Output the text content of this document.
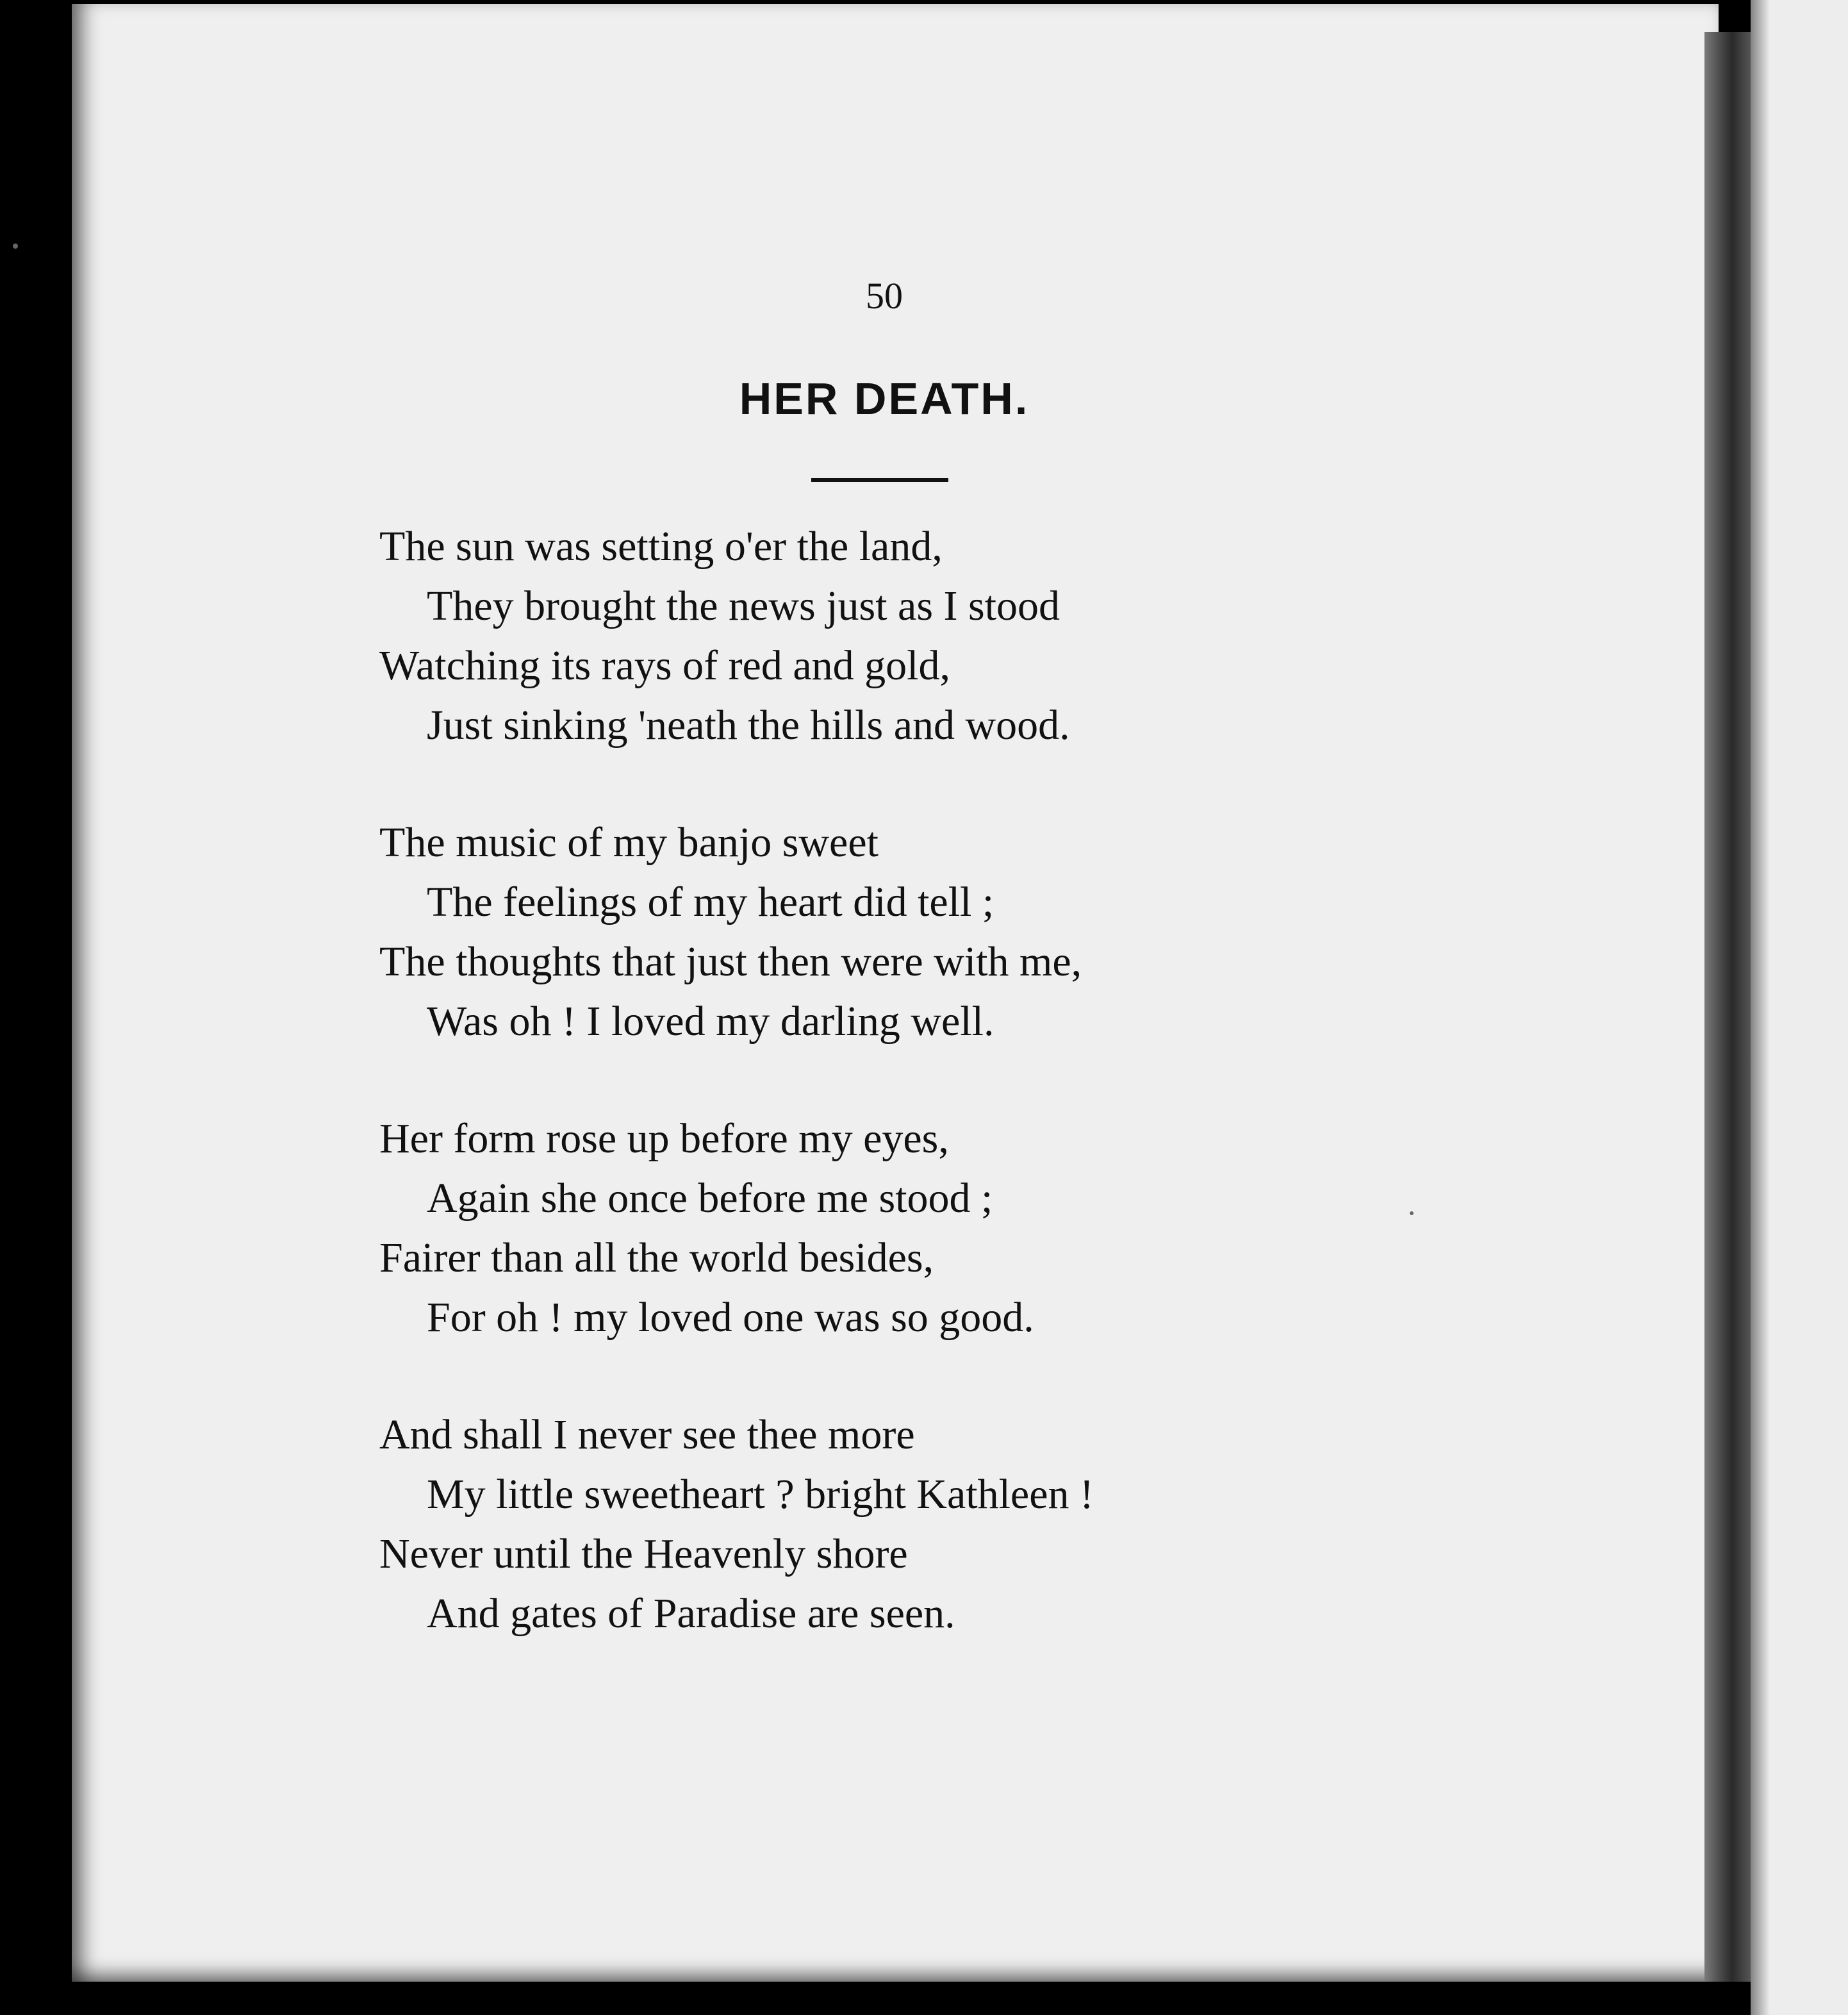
50

HER DEATH.
The sun was setting o'er the land,
They brought the news just as I stood
Watching its rays of red and gold,
Just sinking 'neath the hills and wood.
The music of my banjo sweet
The feelings of my heart did tell ;
The thoughts that just then were with me,
Was oh ! I loved my darling well.
Her form rose up before my eyes,
Again she once before me stood ;
Fairer than all the world besides,
For oh ! my loved one was so good.
And shall I never see thee more
My little sweetheart ? bright Kathleen !
Never until the Heavenly shore
And gates of Paradise are seen.
